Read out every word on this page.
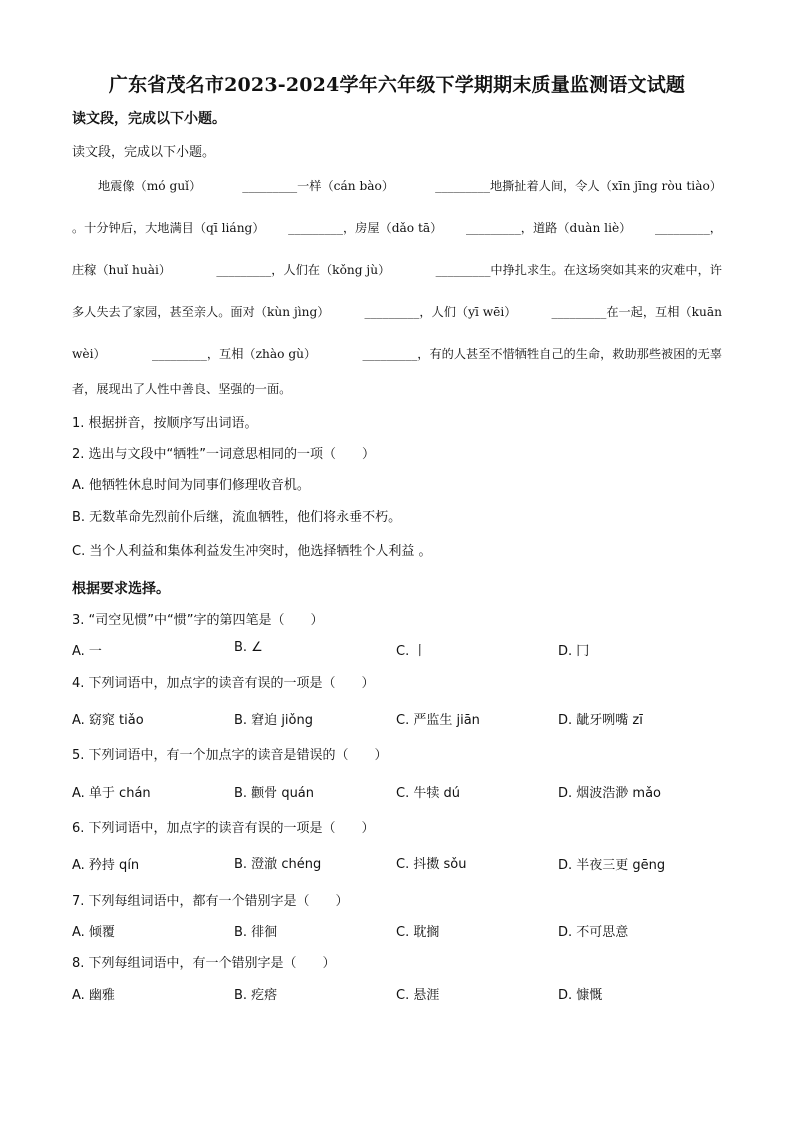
广东省茂名市2023-2024学年六年级下学期期末质量监测语文试题
读文段，完成以下小题。
读文段，完成以下小题。
地震像（mó guǐ）	_________一样（cán bào）	_________地撕扯着人间，令人（xīn jīng ròu tiào）
。十分钟后，大地满目（qī liáng） _________，房屋（dǎo tā） _________，道路（duàn liè） _________，
庄稼（huǐ huài）	_________，人们在（kǒng jù）	_________中挣扎求生。在这场突如其来的灾难中，许
多人失去了家园，甚至亲人。面对（kùn jìng）	_________，人们（yī wēi）	_________在一起，互相（kuān
wèi）	_________，互相（zhào gù）	_________，有的人甚至不惜牺牲自己的生命，救助那些被困的无辜
者，展现出了人性中善良、坚强的一面。
1. 根据拼音，按顺序写出词语。
2. 选出与文段中“牺牲”一词意思相同的一项（　　）
A. 他牺牲休息时间为同事们修理收音机。
B. 无数革命先烈前仆后继，流血牺牲，他们将永垂不朽。
C. 当个人利益和集体利益发生冲突时，他选择牺牲个人利益 。
根据要求选择。
3. “司空见惯”中“惯”字的第四笔是（　　）
A. 一	B. ∠	C. 丨	D. 冂
4. 下列词语中，加点字的读音有误的一项是（　　）
A. 窈窕 tiǎo	B. 窘迫 jiǒng	C. 严监生 jiān	D. 龇牙咧嘴 zī
5. 下列词语中，有一个加点字的读音是错误的（　　）
A. 单于 chán	B. 颧骨 quán	C. 牛犊 dú	D. 烟波浩渺 mǎo
6. 下列词语中，加点字的读音有误的一项是（　　）
A. 矜持 qín	B. 澄澈 chéng	C. 抖擞 sǒu	D. 半夜三更 gēng
7. 下列每组词语中，都有一个错别字是（　　）
A. 倾覆	B. 徘徊	C. 耽搁	D. 不可思意
8. 下列每组词语中，有一个错别字是（　　）
A. 幽雅	B. 疙瘩	C. 悬涯	D. 慷慨
